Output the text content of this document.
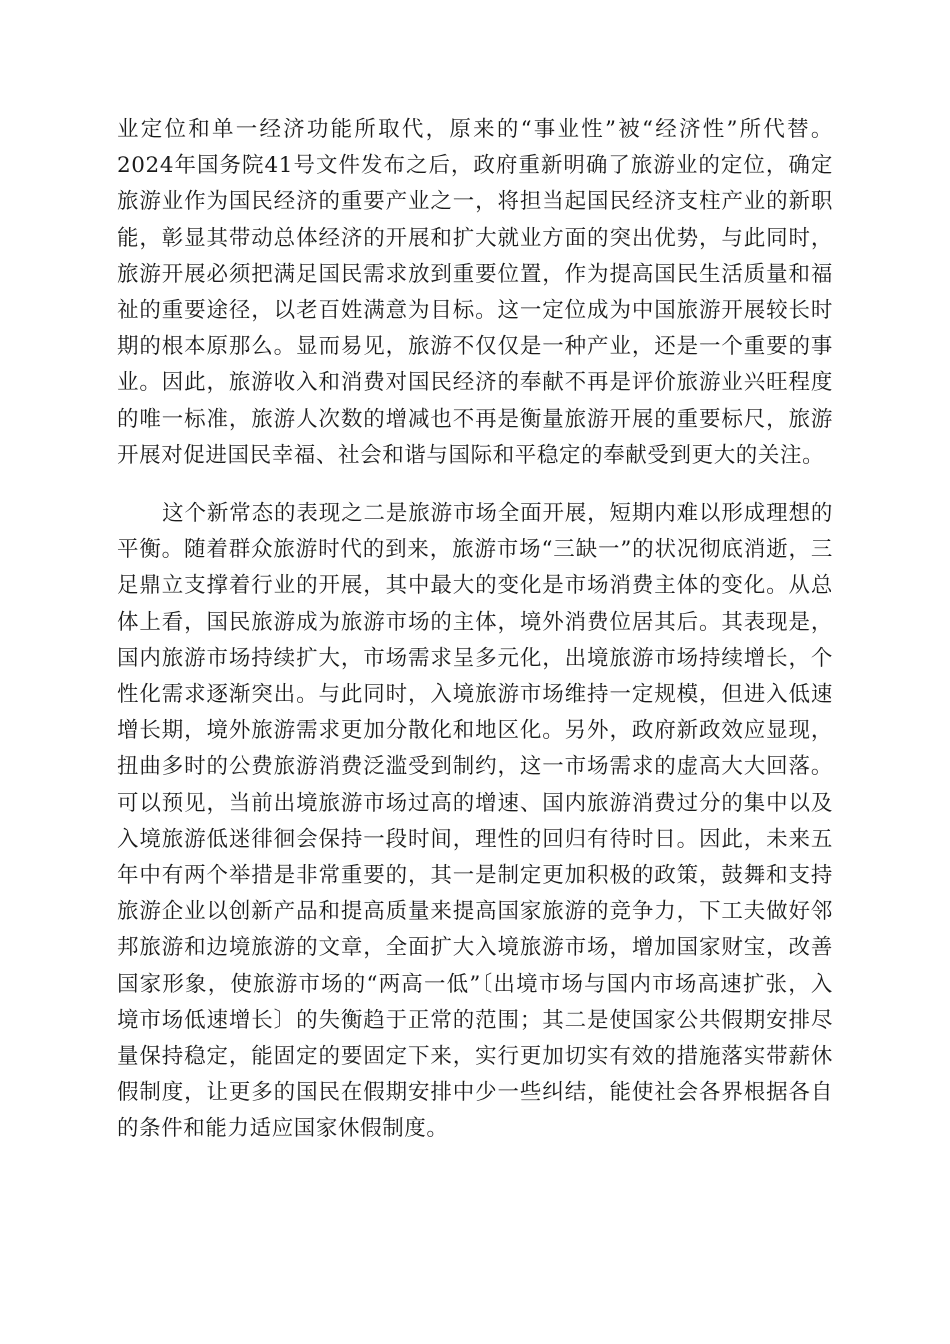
业定位和单一经济功能所取代，原来的“事业性”被“经济性”所代替。2024年国务院41号文件发布之后，政府重新明确了旅游业的定位，确定旅游业作为国民经济的重要产业之一，将担当起国民经济支柱产业的新职能，彰显其带动总体经济的开展和扩大就业方面的突出优势，与此同时，旅游开展必须把满足国民需求放到重要位置，作为提高国民生活质量和福祉的重要途径，以老百姓满意为目标。这一定位成为中国旅游开展较长时期的根本原那么。显而易见，旅游不仅仅是一种产业，还是一个重要的事业。因此，旅游收入和消费对国民经济的奉献不再是评价旅游业兴旺程度的唯一标准，旅游人次数的增减也不再是衡量旅游开展的重要标尺，旅游开展对促进国民幸福、社会和谐与国际和平稳定的奉献受到更大的关注。

这个新常态的表现之二是旅游市场全面开展，短期内难以形成理想的平衡。随着群众旅游时代的到来，旅游市场“三缺一”的状况彻底消逝，三足鼎立支撑着行业的开展，其中最大的变化是市场消费主体的变化。从总体上看，国民旅游成为旅游市场的主体，境外消费位居其后。其表现是，国内旅游市场持续扩大，市场需求呈多元化，出境旅游市场持续增长，个性化需求逐渐突出。与此同时，入境旅游市场维持一定规模，但进入低速增长期，境外旅游需求更加分散化和地区化。另外，政府新政效应显现，扭曲多时的公费旅游消费泛滥受到制约，这一市场需求的虚高大大回落。可以预见，当前出境旅游市场过高的增速、国内旅游消费过分的集中以及入境旅游低迷徘徊会保持一段时间，理性的回归有待时日。因此，未来五年中有两个举措是非常重要的，其一是制定更加积极的政策，鼓舞和支持旅游企业以创新产品和提高质量来提高国家旅游的竞争力，下工夫做好邻邦旅游和边境旅游的文章，全面扩大入境旅游市场，增加国家财宝，改善国家形象，使旅游市场的“两高一低”〔出境市场与国内市场高速扩张，入境市场低速增长〕的失衡趋于正常的范围；其二是使国家公共假期安排尽量保持稳定，能固定的要固定下来，实行更加切实有效的措施落实带薪休假制度，让更多的国民在假期安排中少一些纠结，能使社会各界根据各自的条件和能力适应国家休假制度。
